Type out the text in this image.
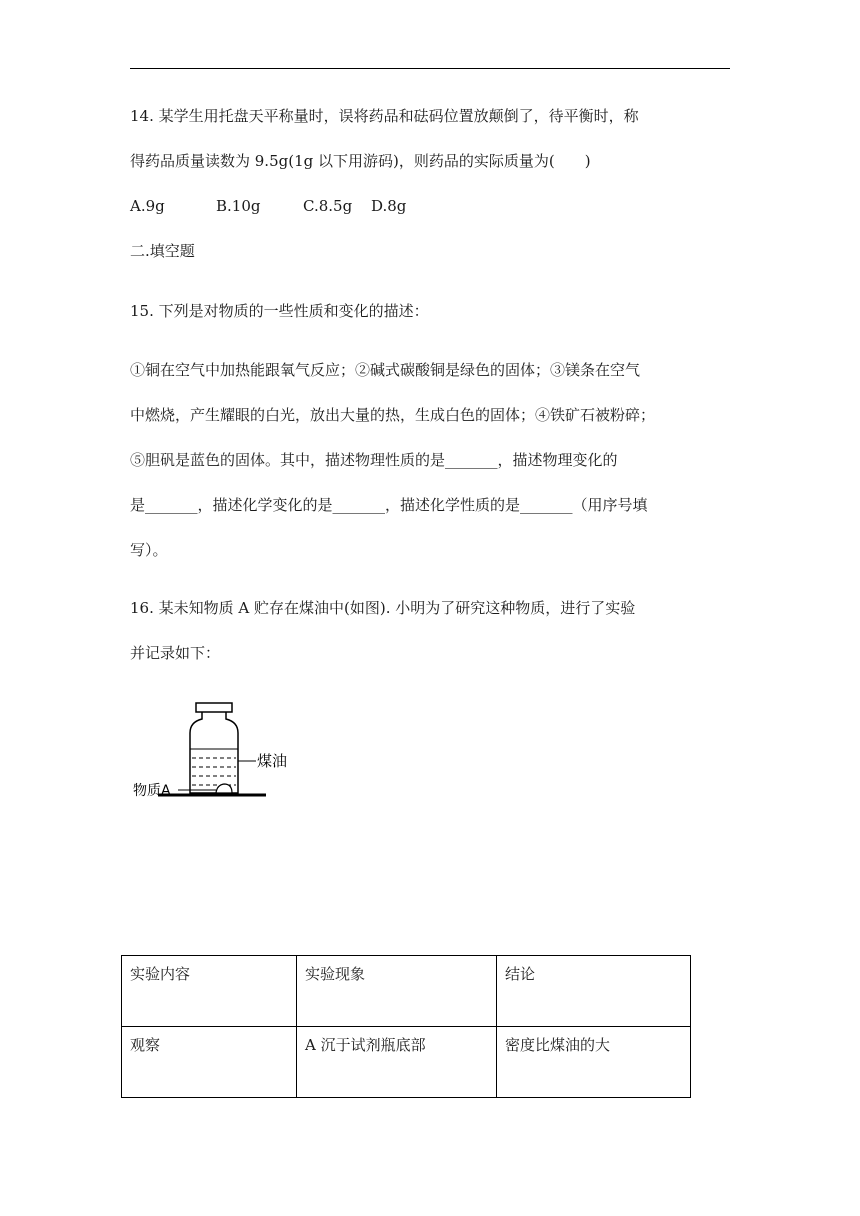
14. 某学生用托盘天平称量时，误将药品和砝码位置放颠倒了，待平衡时，称
得药品质量读数为 9.5g(1g 以下用游码)，则药品的实际质量为(　　)
A.9g	B.10g	C.8.5g D.8g
二.填空题
15. 下列是对物质的一些性质和变化的描述：
①铜在空气中加热能跟氧气反应；②碱式碳酸铜是绿色的固体；③镁条在空气
中燃烧，产生耀眼的白光，放出大量的热，生成白色的固体；④铁矿石被粉碎；
⑤胆矾是蓝色的固体。其中，描述物理性质的是_______，描述物理变化的
是_______，描述化学变化的是_______，描述化学性质的是_______（用序号填
写）。
16. 某未知物质 A 贮存在煤油中(如图). 小明为了研究这种物质，进行了实验
并记录如下：
煤油
物质A
实验内容	实验现象	结论
观察	A 沉于试剂瓶底部	密度比煤油的大
